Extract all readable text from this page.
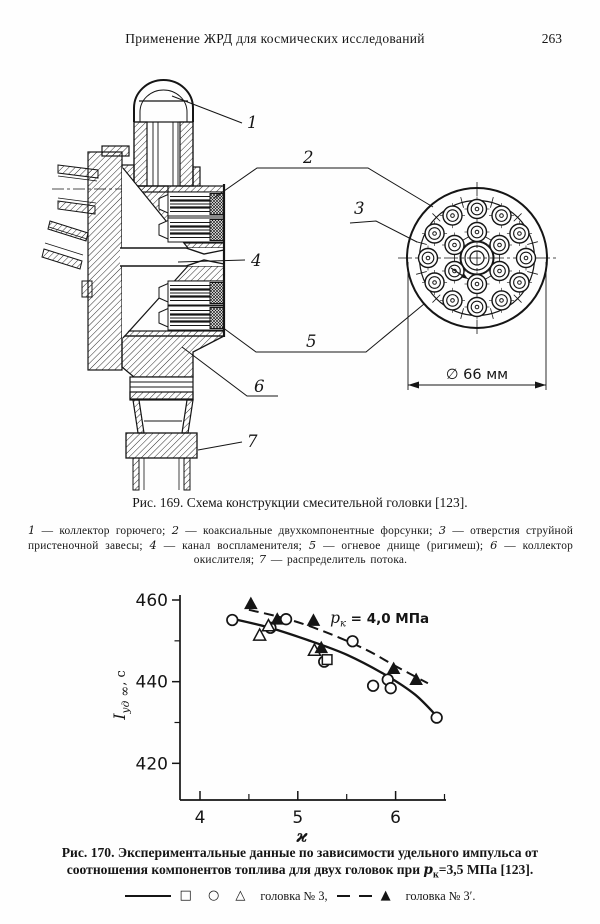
Применение ЖРД для космических исследований	263
∅ 66 мм
1
2
3
4
5
6
7
Рис. 169. Схема конструкции смесительной головки [123].

1 — коллектор горючего; 2 — коаксиальные двухкомпонентные форсунки; 3 — отверстия струйной пристеночной завесы; 4 — канал воспламенителя; 5 — огневое днище (ригимеш); 6 — коллектор окислителя; 7 — распределитель потока.

420
440
460
4	5	6
$I_{уд}$ ∞$^{, с}$
ϰ
$p_к = 4,0$ МПа
Рис. 170. Экспериментальные данные по зависимости удельного импульса от
соотношения компонентов топлива для двух головок при $p_к=3,5$ МПа [123].
□ ○ △ головка № 3,	▲ головка № 3′.
